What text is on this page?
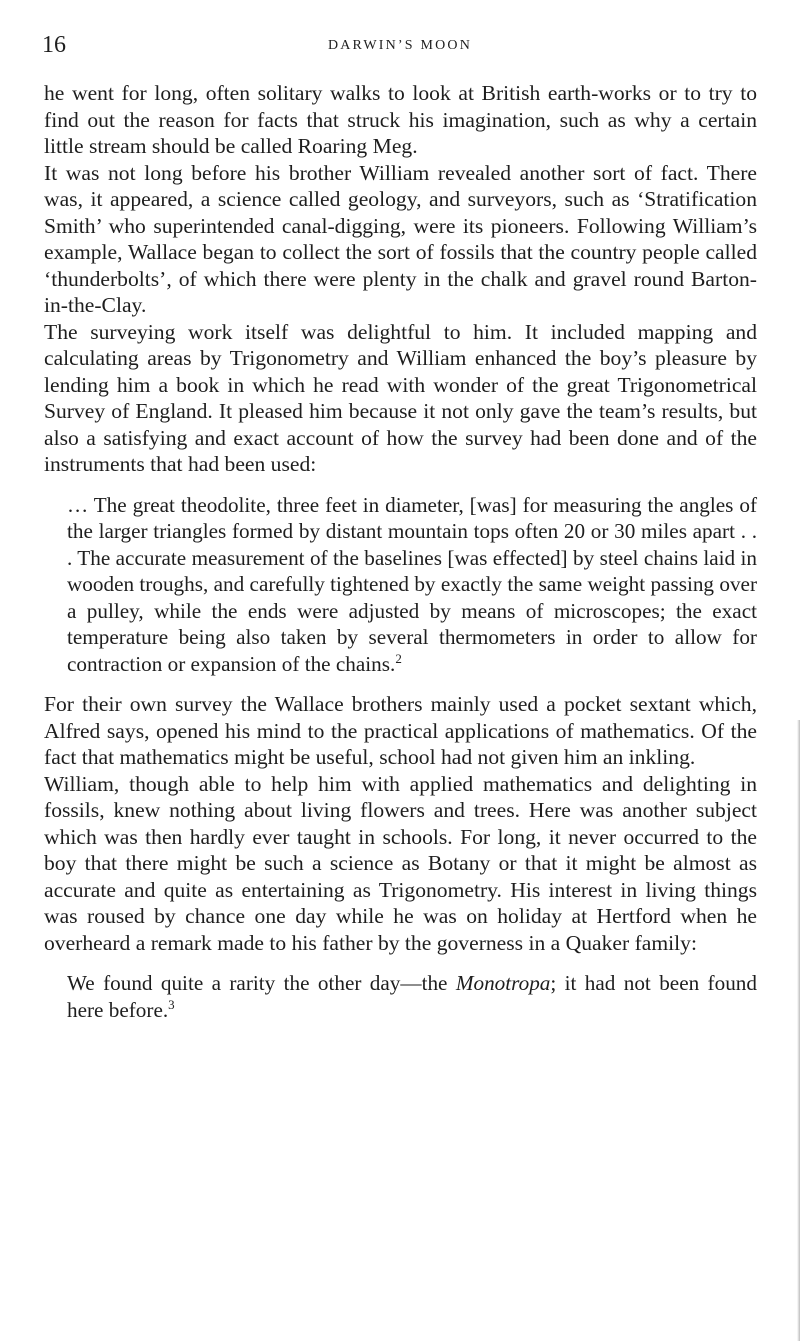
16	DARWIN’S MOON

he went for long, often solitary walks to look at British earth-works or to try to find out the reason for facts that struck his imagination, such as why a certain little stream should be called Roaring Meg.

It was not long before his brother William revealed another sort of fact. There was, it appeared, a science called geology, and surveyors, such as ‘Stratification Smith’ who superintended canal-digging, were its pioneers. Following William’s example, Wallace began to collect the sort of fossils that the country people called ‘thunderbolts’, of which there were plenty in the chalk and gravel round Barton-in-the-Clay.

The surveying work itself was delightful to him. It included mapping and calculating areas by Trigonometry and William enhanced the boy’s pleasure by lending him a book in which he read with wonder of the great Trigonometrical Survey of England. It pleased him because it not only gave the team’s results, but also a satisfying and exact account of how the survey had been done and of the instruments that had been used:

… The great theodolite, three feet in diameter, [was] for measuring the angles of the larger triangles formed by distant mountain tops often 20 or 30 miles apart . . . The accurate measurement of the baselines [was effected] by steel chains laid in wooden troughs, and carefully tightened by exactly the same weight passing over a pulley, while the ends were adjusted by means of microscopes; the exact temperature being also taken by several thermometers in order to allow for contraction or expansion of the chains.$^2$

For their own survey the Wallace brothers mainly used a pocket sextant which, Alfred says, opened his mind to the practical applications of mathematics. Of the fact that mathematics might be useful, school had not given him an inkling.

William, though able to help him with applied mathematics and delighting in fossils, knew nothing about living flowers and trees. Here was another subject which was then hardly ever taught in schools. For long, it never occurred to the boy that there might be such a science as Botany or that it might be almost as accurate and quite as entertaining as Trigonometry. His interest in living things was roused by chance one day while he was on holiday at Hertford when he overheard a remark made to his father by the governess in a Quaker family:

We found quite a rarity the other day—the Monotropa; it had not been found here before.$^3$
